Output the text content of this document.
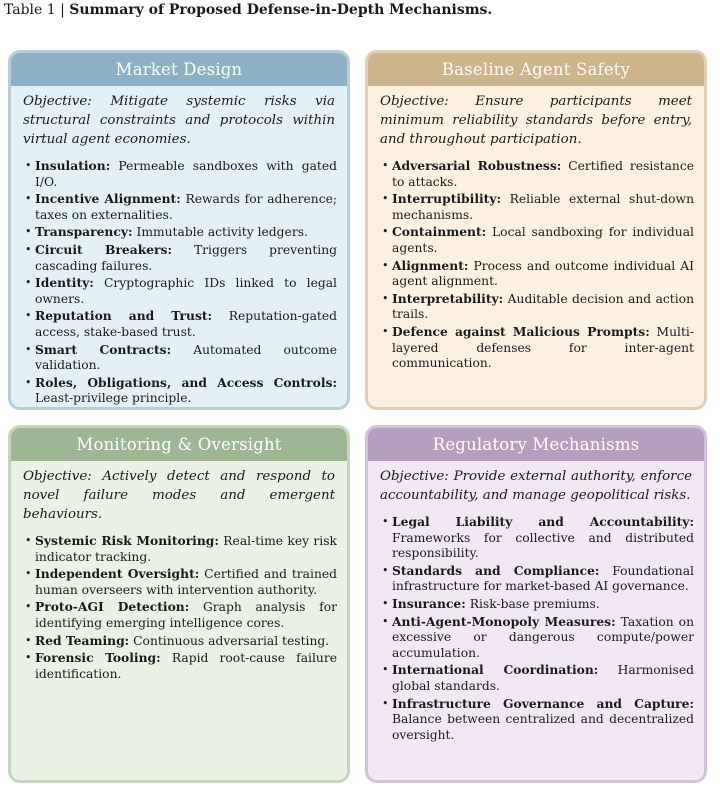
Table 1 | Summary of Proposed Defense-in-Depth Mechanisms.
Market Design
Objective: Mitigate systemic risks via structural constraints and protocols within virtual agent economies.
• Insulation: Permeable sandboxes with gated I/O.
• Incentive Alignment: Rewards for adherence; taxes on externalities.
• Transparency: Immutable activity ledgers.
• Circuit Breakers: Triggers preventing cascading failures.
• Identity: Cryptographic IDs linked to legal owners.
• Reputation and Trust: Reputation-gated access, stake-based trust.
• Smart Contracts: Automated outcome validation.
• Roles, Obligations, and Access Controls: Least-privilege principle.
Baseline Agent Safety
Objective: Ensure participants meet minimum reliability standards before entry, and throughout participation.
• Adversarial Robustness: Certified resistance to attacks.
• Interruptibility: Reliable external shut-down mechanisms.
• Containment: Local sandboxing for individual agents.
• Alignment: Process and outcome individual AI agent alignment.
• Interpretability: Auditable decision and action trails.
• Defence against Malicious Prompts: Multi-layered defenses for inter-agent communication.
Monitoring & Oversight
Objective: Actively detect and respond to novel failure modes and emergent behaviours.
• Systemic Risk Monitoring: Real-time key risk indicator tracking.
• Independent Oversight: Certified and trained human overseers with intervention authority.
• Proto-AGI Detection: Graph analysis for identifying emerging intelligence cores.
• Red Teaming: Continuous adversarial testing.
• Forensic Tooling: Rapid root-cause failure identification.
Regulatory Mechanisms
Objective: Provide external authority, enforce accountability, and manage geopolitical risks.
• Legal Liability and Accountability: Frameworks for collective and distributed responsibility.
• Standards and Compliance: Foundational infrastructure for market-based AI governance.
• Insurance: Risk-base premiums.
• Anti-Agent-Monopoly Measures: Taxation on excessive or dangerous compute/power accumulation.
• International Coordination: Harmonised global standards.
• Infrastructure Governance and Capture: Balance between centralized and decentralized oversight.
